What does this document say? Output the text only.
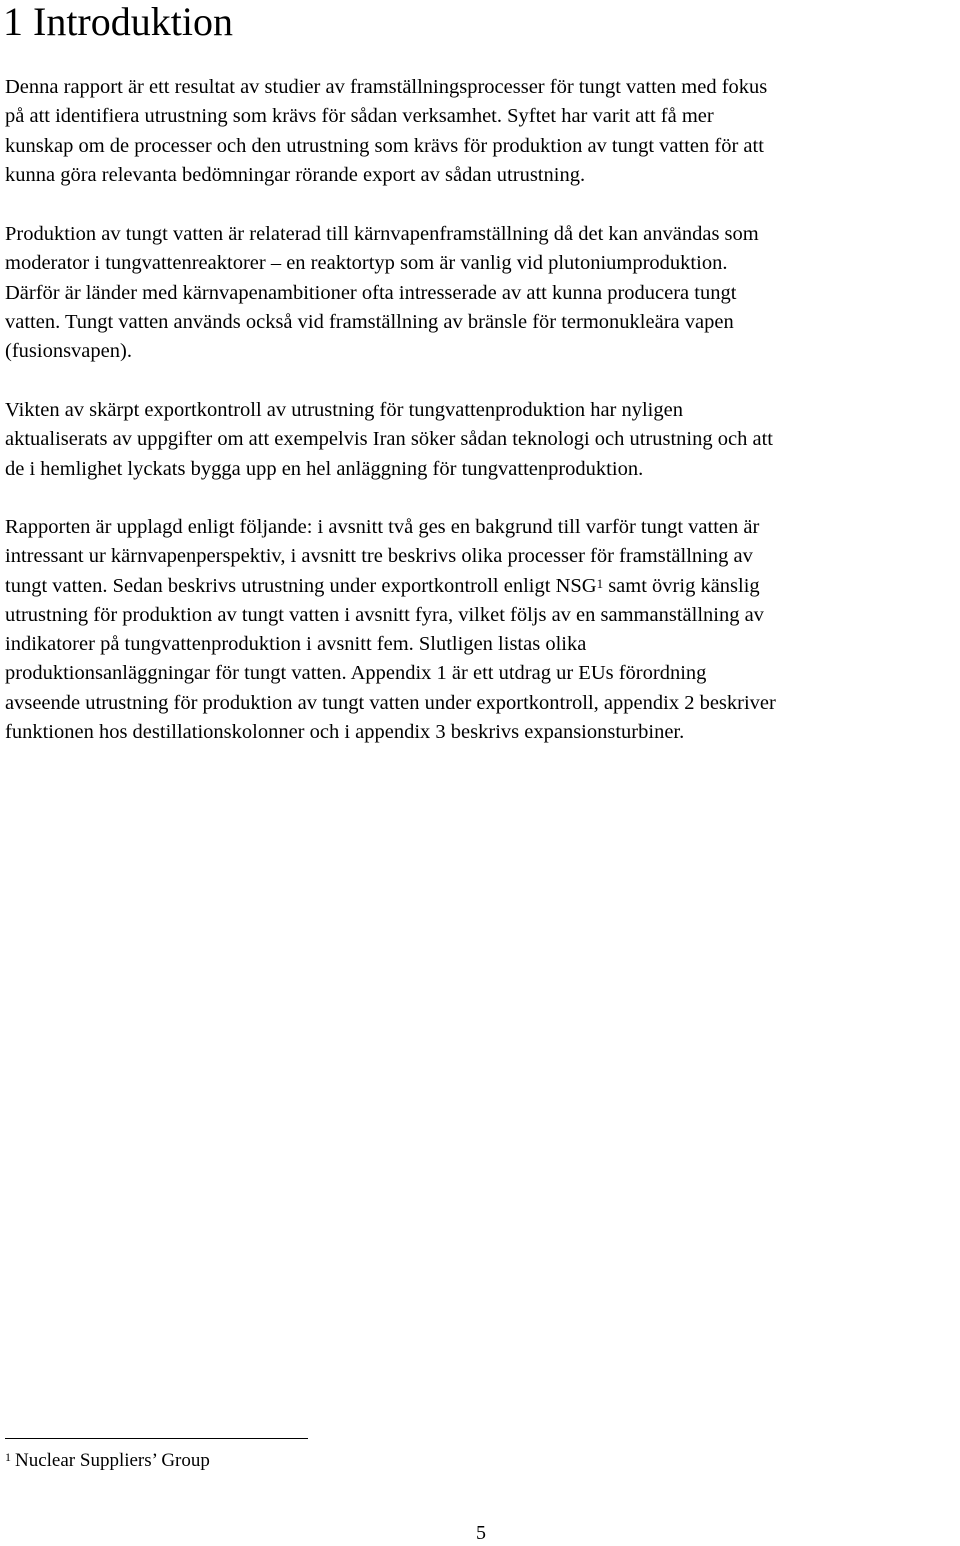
1 Introduktion

Denna rapport är ett resultat av studier av framställningsprocesser för tungt vatten med fokus
på att identifiera utrustning som krävs för sådan verksamhet. Syftet har varit att få mer
kunskap om de processer och den utrustning som krävs för produktion av tungt vatten för att
kunna göra relevanta bedömningar rörande export av sådan utrustning.

Produktion av tungt vatten är relaterad till kärnvapenframställning då det kan användas som
moderator i tungvattenreaktorer – en reaktortyp som är vanlig vid plutoniumproduktion.
Därför är länder med kärnvapenambitioner ofta intresserade av att kunna producera tungt
vatten. Tungt vatten används också vid framställning av bränsle för termonukleära vapen
(fusionsvapen).

Vikten av skärpt exportkontroll av utrustning för tungvattenproduktion har nyligen
aktualiserats av uppgifter om att exempelvis Iran söker sådan teknologi och utrustning och att
de i hemlighet lyckats bygga upp en hel anläggning för tungvattenproduktion.

Rapporten är upplagd enligt följande: i avsnitt två ges en bakgrund till varför tungt vatten är
intressant ur kärnvapenperspektiv, i avsnitt tre beskrivs olika processer för framställning av
tungt vatten. Sedan beskrivs utrustning under exportkontroll enligt NSG$^1$ samt övrig känslig
utrustning för produktion av tungt vatten i avsnitt fyra, vilket följs av en sammanställning av
indikatorer på tungvattenproduktion i avsnitt fem. Slutligen listas olika
produktionsanläggningar för tungt vatten. Appendix 1 är ett utdrag ur EUs förordning
avseende utrustning för produktion av tungt vatten under exportkontroll, appendix 2 beskriver
funktionen hos destillationskolonner och i appendix 3 beskrivs expansionsturbiner.

$^1$ Nuclear Suppliers’ Group
5
